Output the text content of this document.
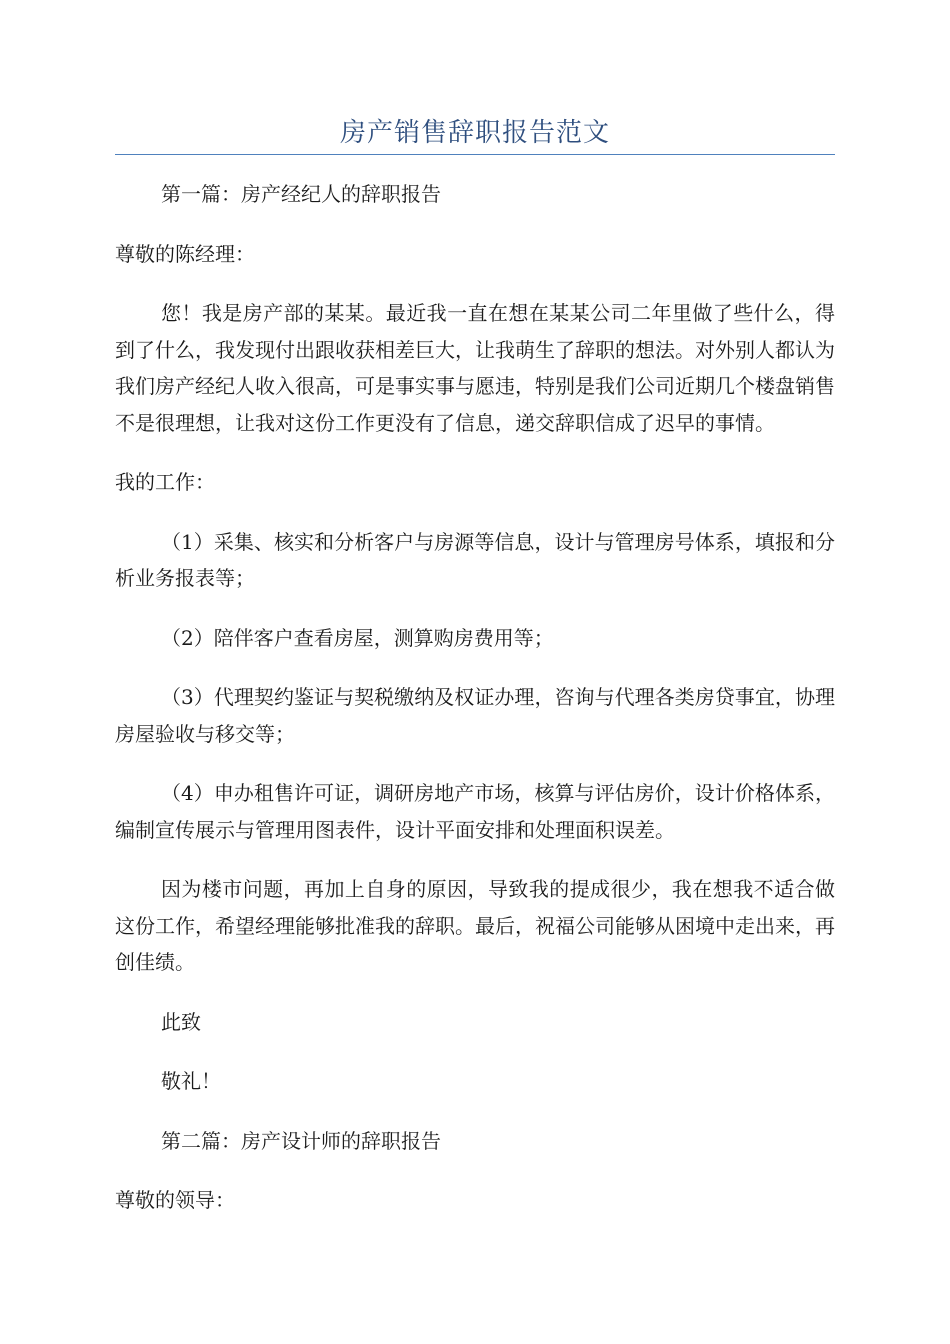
房产销售辞职报告范文

第一篇：房产经纪人的辞职报告

尊敬的陈经理：

您！我是房产部的某某。最近我一直在想在某某公司二年里做了些什么，得到了什么，我发现付出跟收获相差巨大，让我萌生了辞职的想法。对外别人都认为我们房产经纪人收入很高，可是事实事与愿违，特别是我们公司近期几个楼盘销售不是很理想，让我对这份工作更没有了信息，递交辞职信成了迟早的事情。

我的工作：

（1）采集、核实和分析客户与房源等信息，设计与管理房号体系，填报和分析业务报表等；

（2）陪伴客户查看房屋，测算购房费用等；

（3）代理契约鉴证与契税缴纳及权证办理，咨询与代理各类房贷事宜，协理房屋验收与移交等；

（4）申办租售许可证，调研房地产市场，核算与评估房价，设计价格体系，编制宣传展示与管理用图表件，设计平面安排和处理面积误差。

因为楼市问题，再加上自身的原因，导致我的提成很少，我在想我不适合做这份工作，希望经理能够批准我的辞职。最后，祝福公司能够从困境中走出来，再创佳绩。

此致

敬礼！

第二篇：房产设计师的辞职报告

尊敬的领导：
